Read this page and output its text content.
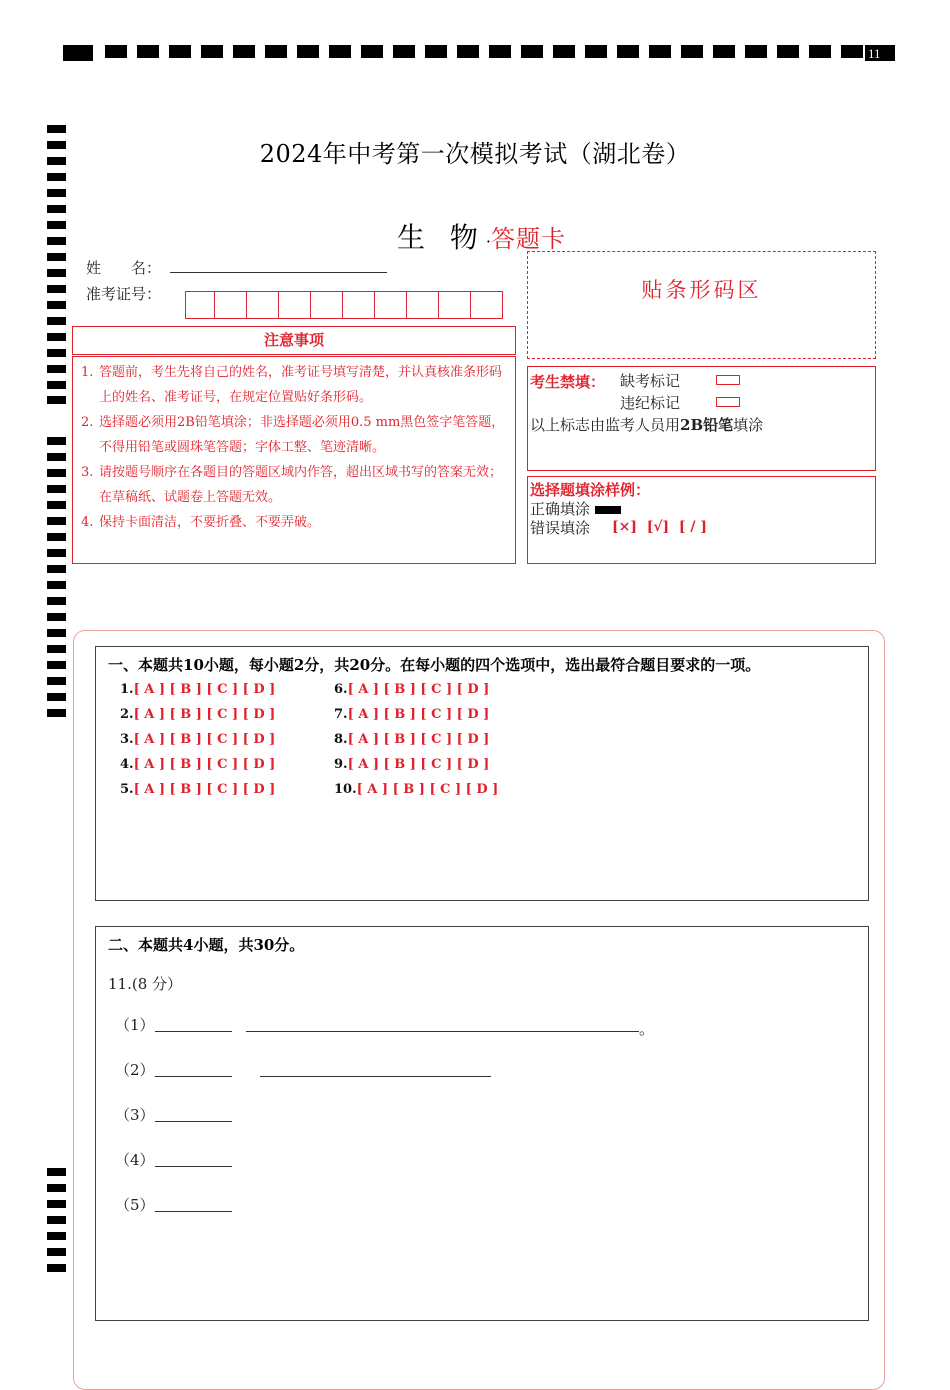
11
2024年中考第一次模拟考试（湖北卷）
生 物·答题卡
姓　　名：
准考证号：
注意事项
1. 答题前，考生先将自己的姓名，准考证号填写清楚，并认真核准条形码上的姓名、准考证号，在规定位置贴好条形码。
2. 选择题必须用2B铅笔填涂；非选择题必须用0.5 mm黑色签字笔答题，不得用铅笔或圆珠笔答题；字体工整、笔迹清晰。
3. 请按题号顺序在各题目的答题区域内作答，超出区域书写的答案无效；在草稿纸、试题卷上答题无效。
4. 保持卡面清洁，不要折叠、不要弄破。
贴条形码区
考生禁填： 缺考标记
违纪标记
以上标志由监考人员用2B铅笔填涂
选择题填涂样例：
正确填涂
错误填涂 [×]  [√]  [ / ]
一、本题共10小题，每小题2分，共20分。在每小题的四个选项中，选出最符合题目要求的一项。
1.[ A ] [ B ] [ C ] [ D ]
2.[ A ] [ B ] [ C ] [ D ]
3.[ A ] [ B ] [ C ] [ D ]
4.[ A ] [ B ] [ C ] [ D ]
5.[ A ] [ B ] [ C ] [ D ]
6.[ A ] [ B ] [ C ] [ D ]
7.[ A ] [ B ] [ C ] [ D ]
8.[ A ] [ B ] [ C ] [ D ]
9.[ A ] [ B ] [ C ] [ D ]
10.[ A ] [ B ] [ C ] [ D ]
二、本题共4小题，共30分。
11.(8 分）
（1）	。
（2）
（3）
（4）
（5）
